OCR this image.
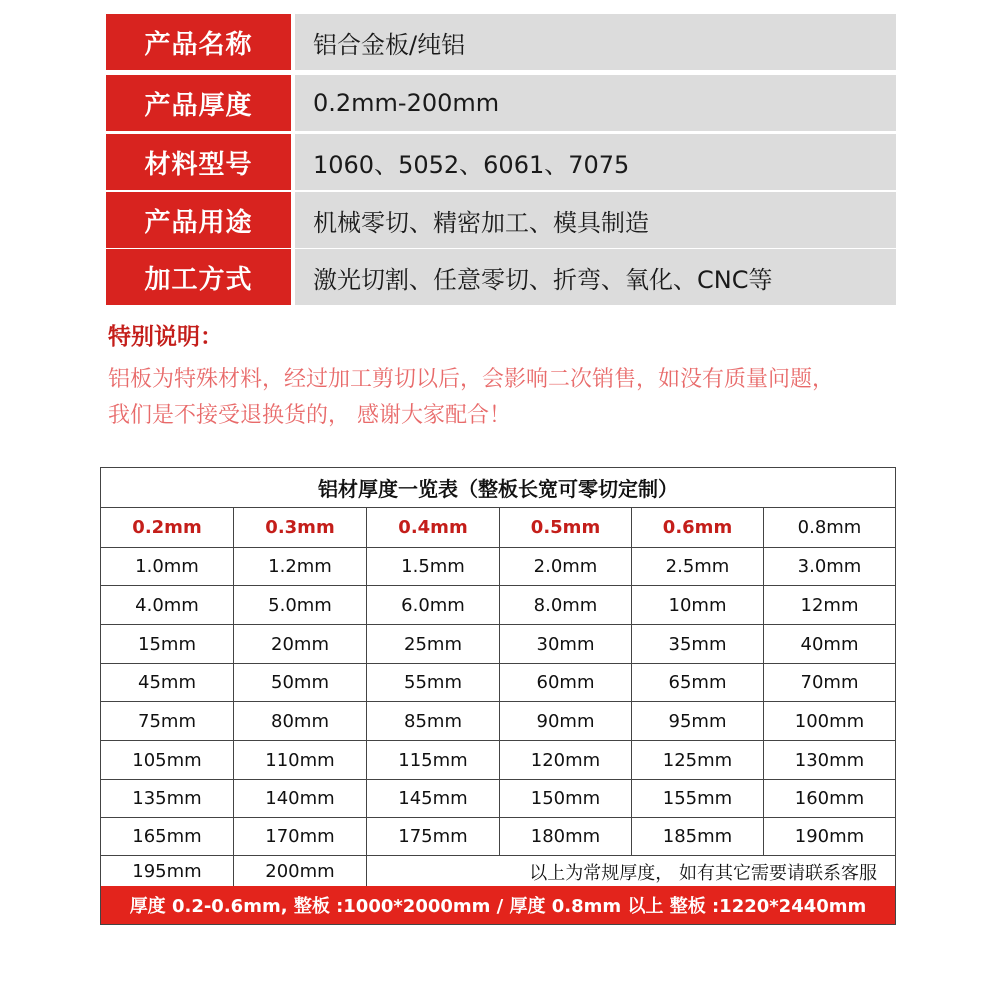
产品名称	铝合金板/纯铝
产品厚度	0.2mm-200mm
材料型号	1060、5052、6061、7075
产品用途	机械零切、精密加工、模具制造
加工方式	激光切割、任意零切、折弯、氧化、CNC等
特别说明：
铝板为特殊材料，经过加工剪切以后，会影响二次销售，如没有质量问题，
我们是不接受退换货的， 感谢大家配合！
铝材厚度一览表（整板长宽可零切定制）
0.2mm	0.3mm	0.4mm	0.5mm	0.6mm	0.8mm
1.0mm	1.2mm	1.5mm	2.0mm	2.5mm	3.0mm
4.0mm	5.0mm	6.0mm	8.0mm	10mm	12mm
15mm	20mm	25mm	30mm	35mm	40mm
45mm	50mm	55mm	60mm	65mm	70mm
75mm	80mm	85mm	90mm	95mm	100mm
105mm	110mm	115mm	120mm	125mm	130mm
135mm	140mm	145mm	150mm	155mm	160mm
165mm	170mm	175mm	180mm	185mm	190mm
195mm	200mm	以上为常规厚度， 如有其它需要请联系客服
厚度 0.2-0.6mm, 整板 :1000*2000mm / 厚度 0.8mm 以上 整板 :1220*2440mm
